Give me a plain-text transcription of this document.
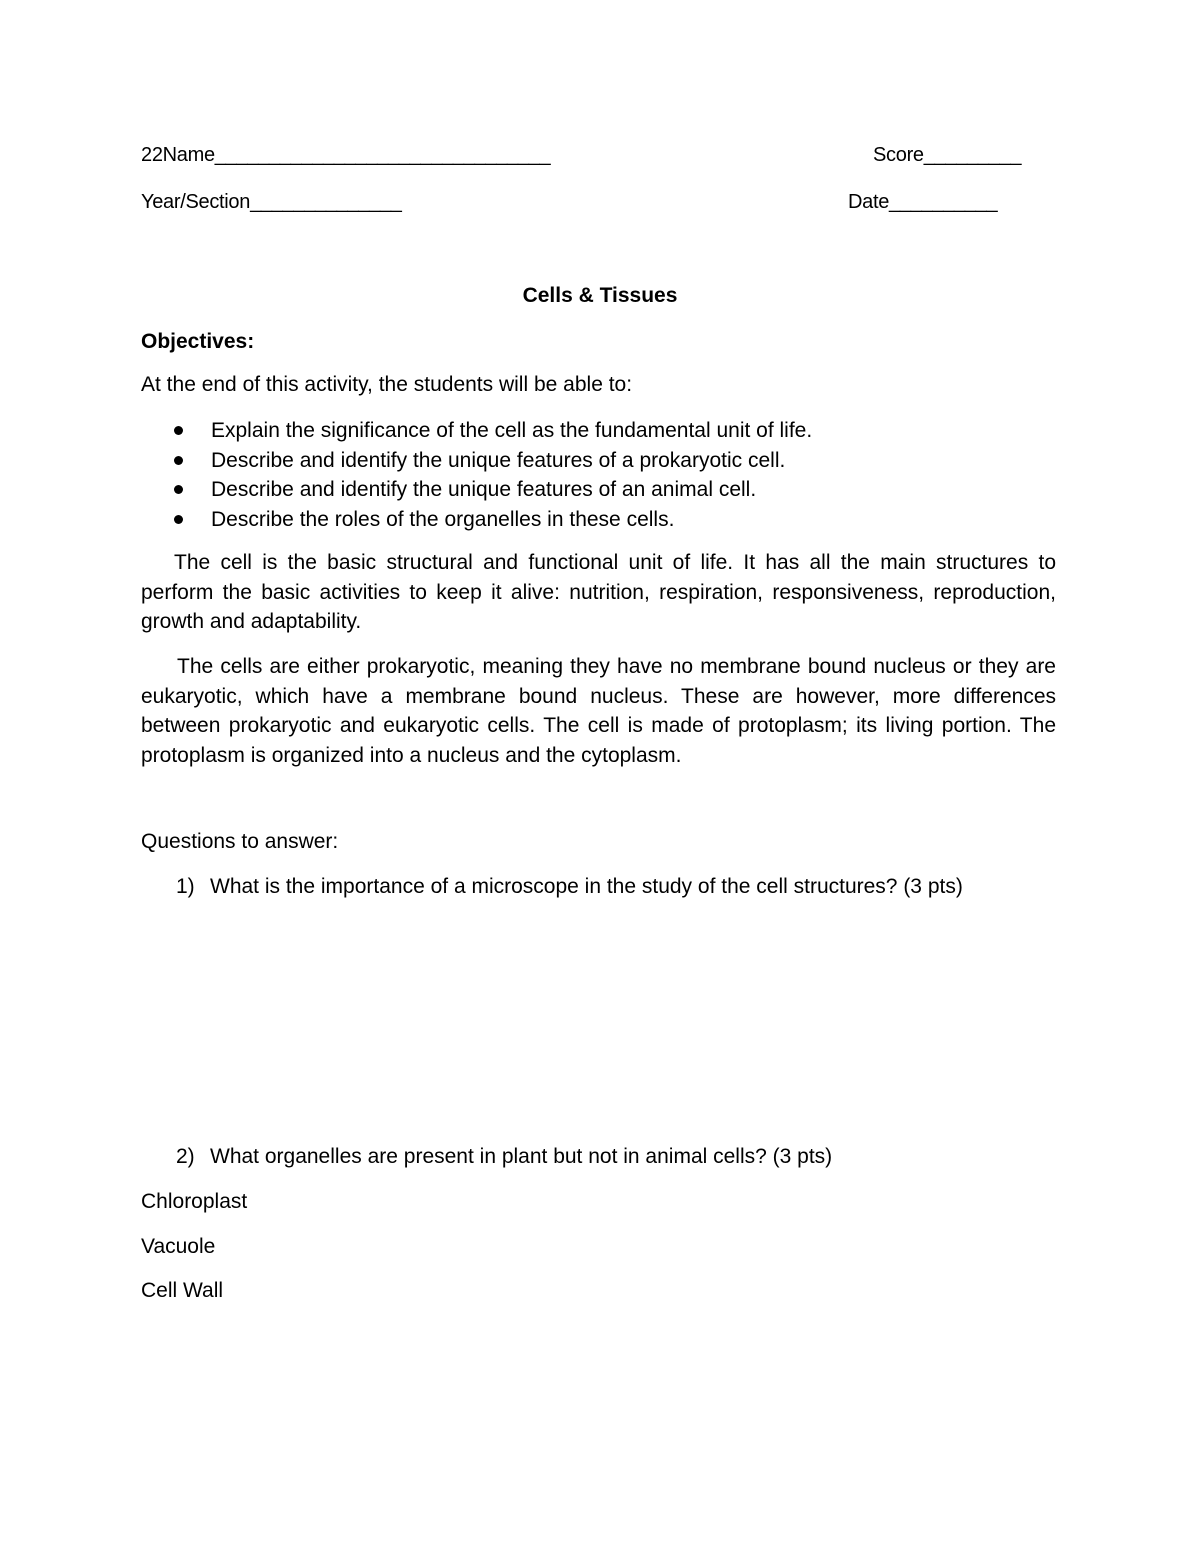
22Name_______________________________	Score_________
Year/Section______________	Date__________
Cells & Tissues
Objectives:
At the end of this activity, the students will be able to:
Explain the significance of the cell as the fundamental unit of life.
Describe and identify the unique features of a prokaryotic cell.
Describe and identify the unique features of an animal cell.
Describe the roles of the organelles in these cells.
The cell is the basic structural and functional unit of life. It has all the main structures to perform the basic activities to keep it alive: nutrition, respiration, responsiveness, reproduction, growth and adaptability.
The cells are either prokaryotic, meaning they have no membrane bound nucleus or they are eukaryotic, which have a membrane bound nucleus. These are however, more differences between prokaryotic and eukaryotic cells. The cell is made of protoplasm; its living portion. The protoplasm is organized into a nucleus and the cytoplasm.
Questions to answer:
1) What is the importance of a microscope in the study of the cell structures? (3 pts)
2) What organelles are present in plant but not in animal cells? (3 pts)
Chloroplast
Vacuole
Cell Wall
